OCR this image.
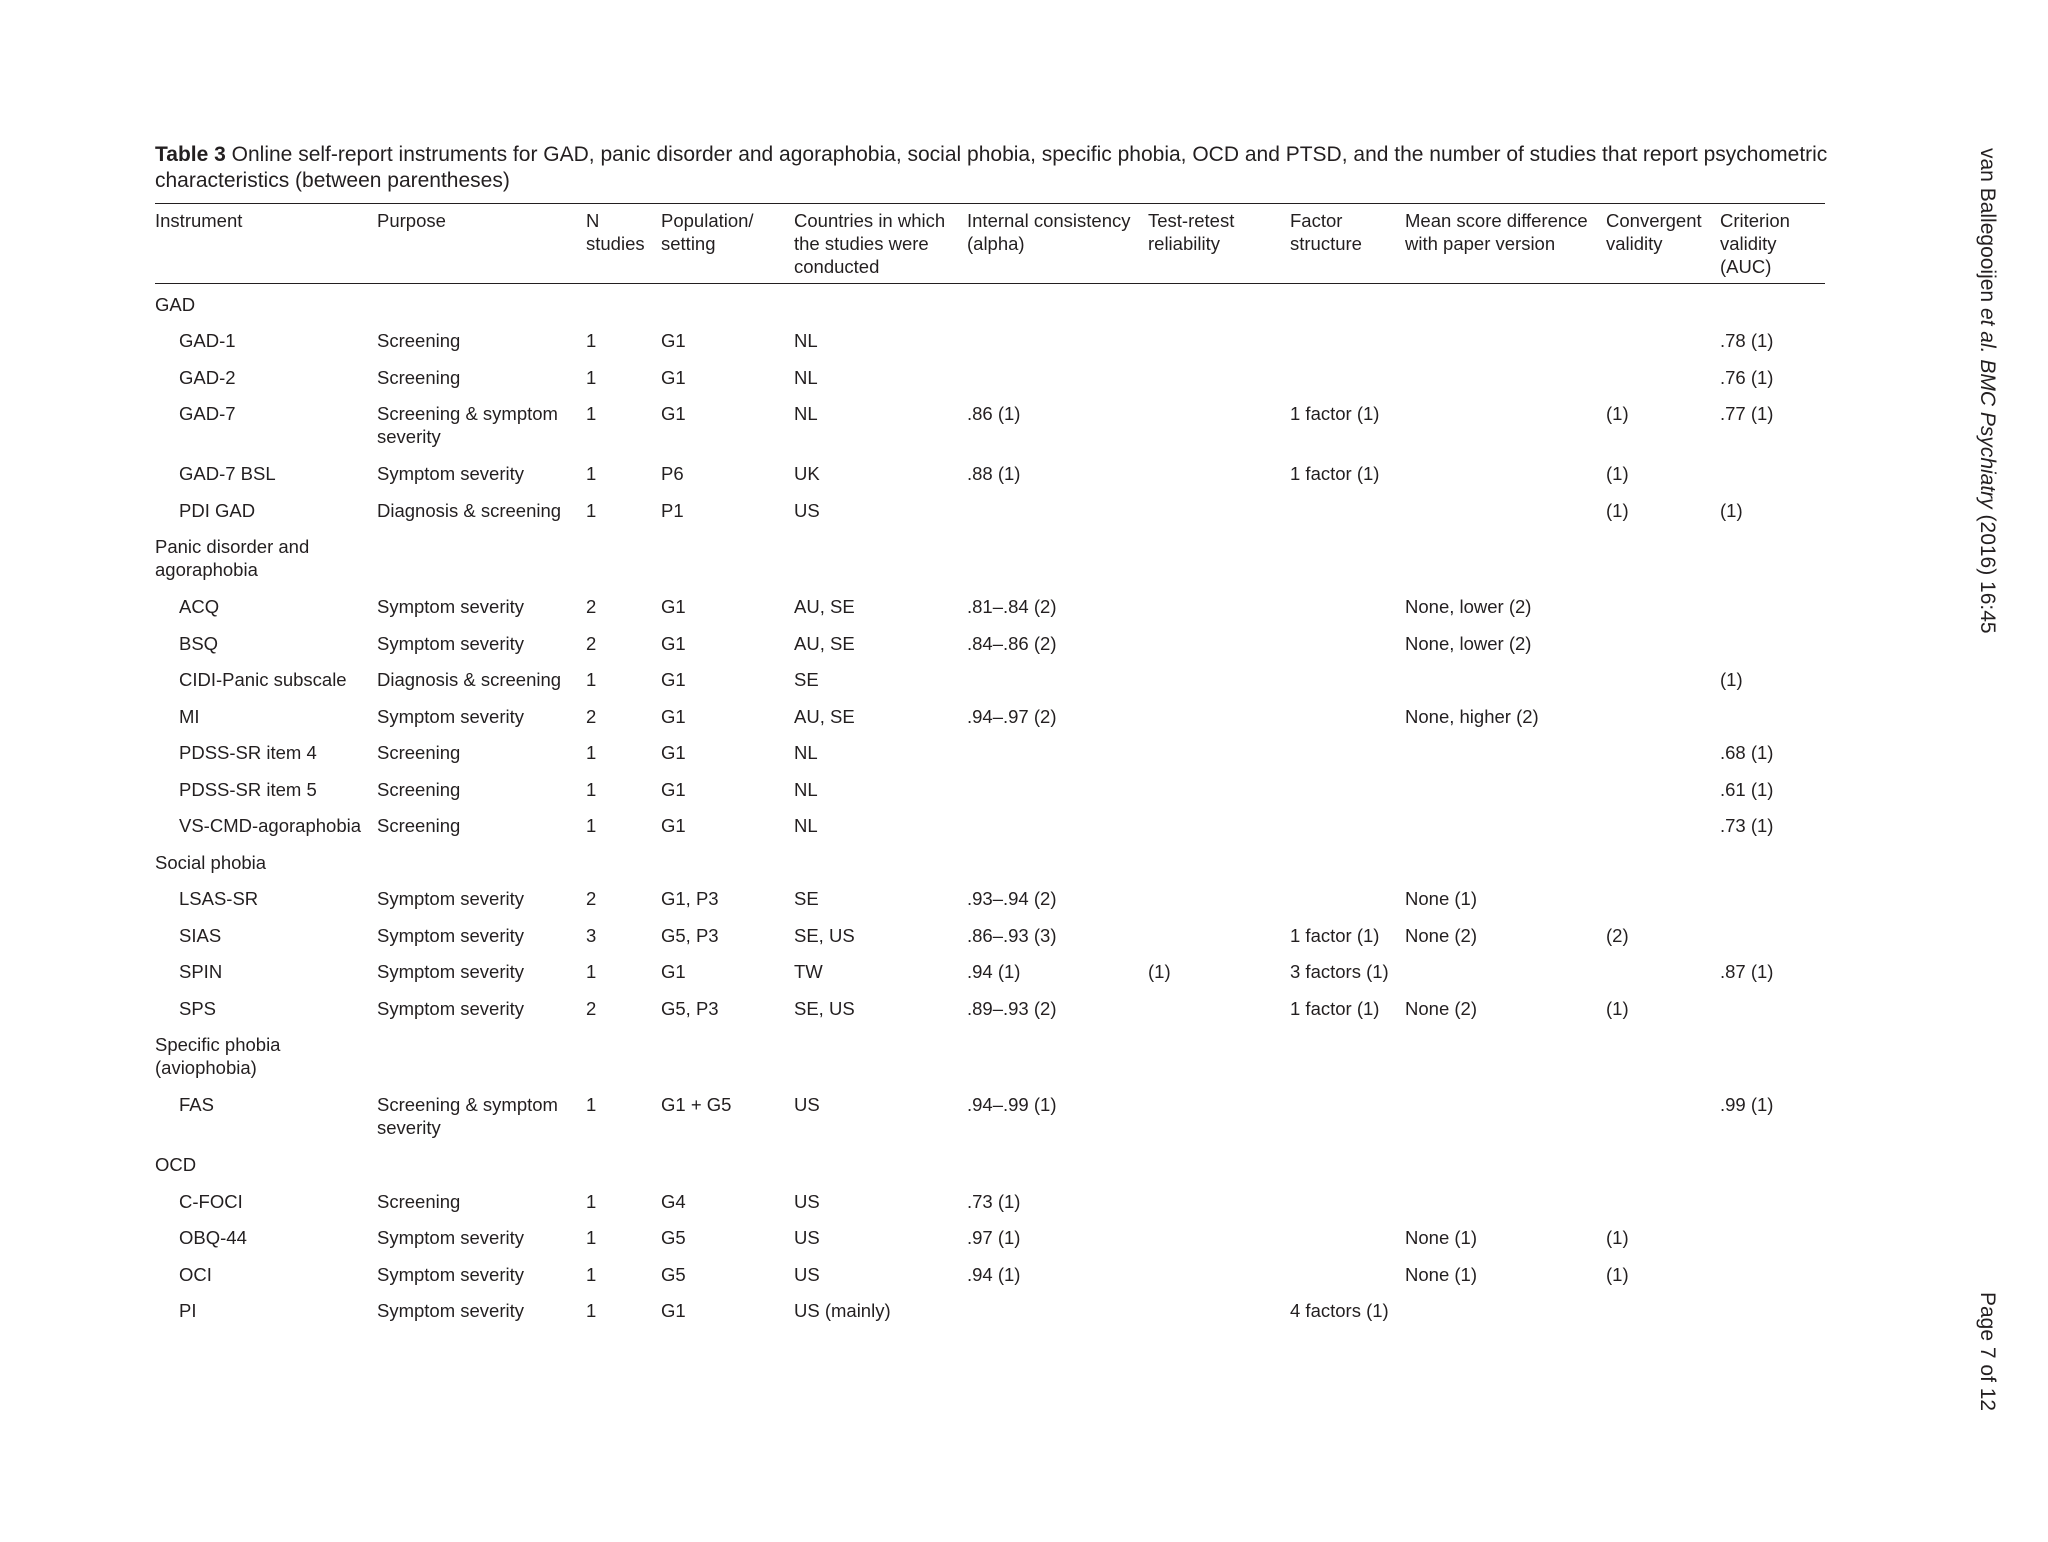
Table 3 Online self-report instruments for GAD, panic disorder and agoraphobia, social phobia, specific phobia, OCD and PTSD, and the number of studies that report psychometric characteristics (between parentheses)
Instrument	Purpose	N studies	Population/ setting	Countries in which the studies were conducted	Internal consistency (alpha)	Test-retest reliability	Factor structure	Mean score difference with paper version	Convergent validity	Criterion validity (AUC)
GAD										
GAD-1	Screening	1	G1	NL						.78 (1)
GAD-2	Screening	1	G1	NL						.76 (1)
GAD-7	Screening & symptom severity	1	G1	NL	.86 (1)		1 factor (1)		(1)	.77 (1)
GAD-7 BSL	Symptom severity	1	P6	UK	.88 (1)		1 factor (1)		(1)	
PDI GAD	Diagnosis & screening	1	P1	US					(1)	(1)
Panic disorder and agoraphobia										
ACQ	Symptom severity	2	G1	AU, SE	.81–.84 (2)			None, lower (2)		
BSQ	Symptom severity	2	G1	AU, SE	.84–.86 (2)			None, lower (2)		
CIDI-Panic subscale	Diagnosis & screening	1	G1	SE						(1)
MI	Symptom severity	2	G1	AU, SE	.94–.97 (2)			None, higher (2)		
PDSS-SR item 4	Screening	1	G1	NL						.68 (1)
PDSS-SR item 5	Screening	1	G1	NL						.61 (1)
VS-CMD-agoraphobia	Screening	1	G1	NL						.73 (1)
Social phobia										
LSAS-SR	Symptom severity	2	G1, P3	SE	.93–.94 (2)			None (1)		
SIAS	Symptom severity	3	G5, P3	SE, US	.86–.93 (3)		1 factor (1)	None (2)	(2)	
SPIN	Symptom severity	1	G1	TW	.94 (1)	(1)	3 factors (1)			.87 (1)
SPS	Symptom severity	2	G5, P3	SE, US	.89–.93 (2)		1 factor (1)	None (2)	(1)	
Specific phobia (aviophobia)										
FAS	Screening & symptom severity	1	G1 + G5	US	.94–.99 (1)					.99 (1)
OCD										
C-FOCI	Screening	1	G4	US	.73 (1)					
OBQ-44	Symptom severity	1	G5	US	.97 (1)			None (1)	(1)	
OCI	Symptom severity	1	G5	US	.94 (1)			None (1)	(1)	
PI	Symptom severity	1	G1	US (mainly)			4 factors (1)			
van Ballegooijen et al. BMC Psychiatry (2016) 16:45
Page 7 of 12
